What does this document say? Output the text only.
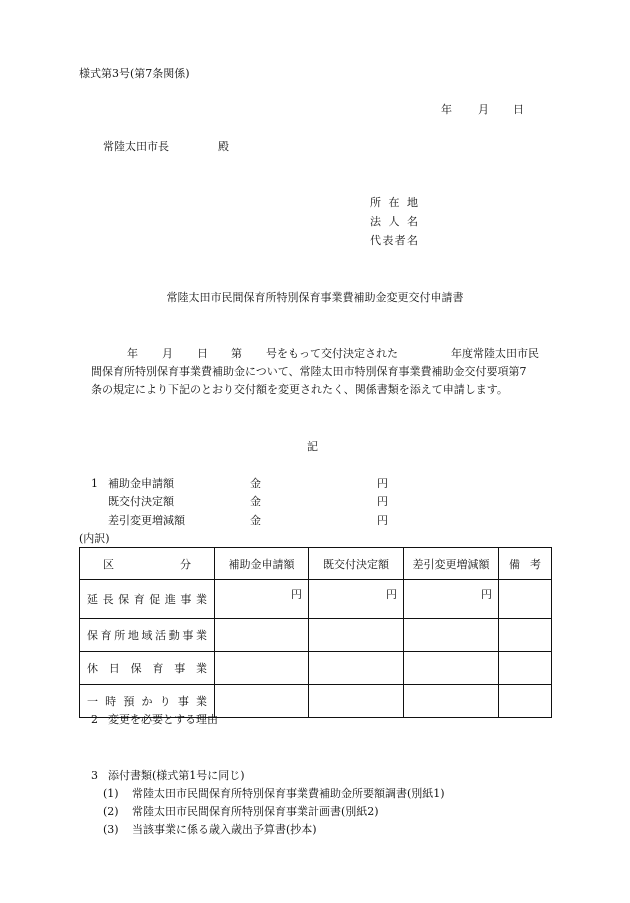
様式第3号(第7条関係)
年 月 日
常陸太田市長	殿
所在地
法人名
代表者名
常陸太田市民間保育所特別保育事業費補助金変更交付申請書
年 月 日 第 号をもって交付決定された	年度常陸太田市民
間保育所特別保育事業費補助金について、常陸太田市特別保育事業費補助金交付要項第7
条の規定により下記のとおり交付額を変更されたく、関係書類を添えて申請します。
記
1 補助金申請額	金	円
既交付決定額	金	円
差引変更増減額	金	円
(内訳)
区分	補助金申請額	既交付決定額	差引変更増減額	備考

延長保育促進事業	円	円	円	

保育所地域活動事業				

休日保育事業				

一時預かり事業				

2 変更を必要とする理由
3 添付書類(様式第1号に同じ)
(1) 常陸太田市民間保育所特別保育事業費補助金所要額調書(別紙1)
(2) 常陸太田市民間保育所特別保育事業計画書(別紙2)
(3) 当該事業に係る歳入歳出予算書(抄本)
